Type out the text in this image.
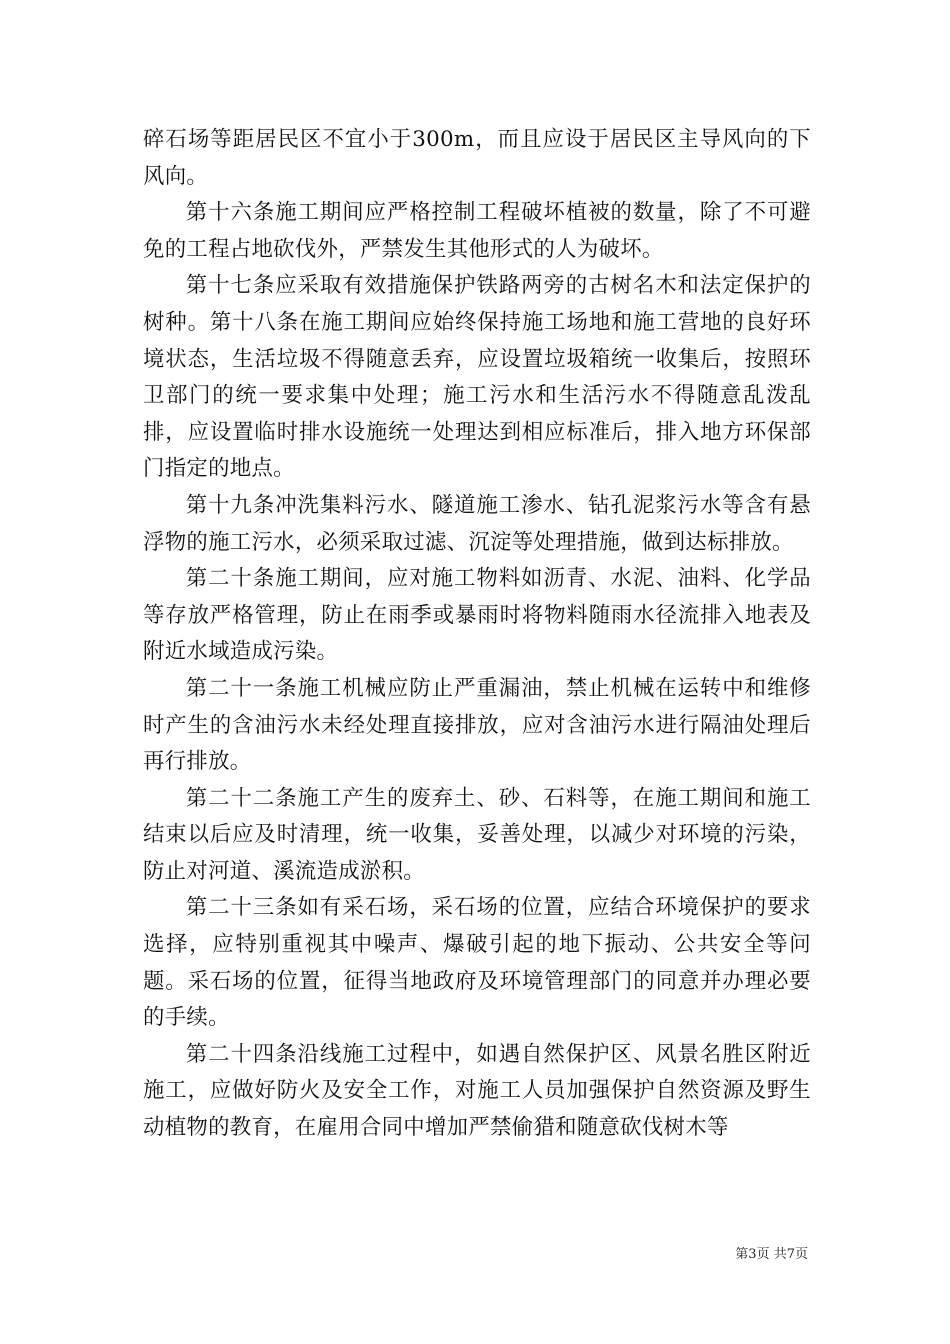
碎石场等距居民区不宜小于300m，而且应设于居民区主导风向的下风向。

第十六条施工期间应严格控制工程破坏植被的数量，除了不可避免的工程占地砍伐外，严禁发生其他形式的人为破坏。

第十七条应采取有效措施保护铁路两旁的古树名木和法定保护的树种。第十八条在施工期间应始终保持施工场地和施工营地的良好环境状态，生活垃圾不得随意丢弃，应设置垃圾箱统一收集后，按照环卫部门的统一要求集中处理；施工污水和生活污水不得随意乱泼乱排，应设置临时排水设施统一处理达到相应标准后，排入地方环保部门指定的地点。

第十九条冲洗集料污水、隧道施工渗水、钻孔泥浆污水等含有悬浮物的施工污水，必须采取过滤、沉淀等处理措施，做到达标排放。

第二十条施工期间，应对施工物料如沥青、水泥、油料、化学品等存放严格管理，防止在雨季或暴雨时将物料随雨水径流排入地表及附近水域造成污染。

第二十一条施工机械应防止严重漏油，禁止机械在运转中和维修时产生的含油污水未经处理直接排放，应对含油污水进行隔油处理后再行排放。

第二十二条施工产生的废弃土、砂、石料等，在施工期间和施工结束以后应及时清理，统一收集，妥善处理，以减少对环境的污染，防止对河道、溪流造成淤积。

第二十三条如有采石场，采石场的位置，应结合环境保护的要求选择，应特别重视其中噪声、爆破引起的地下振动、公共安全等问题。采石场的位置，征得当地政府及环境管理部门的同意并办理必要的手续。

第二十四条沿线施工过程中，如遇自然保护区、风景名胜区附近施工，应做好防火及安全工作，对施工人员加强保护自然资源及野生动植物的教育，在雇用合同中增加严禁偷猎和随意砍伐树木等

第3页 共7页
